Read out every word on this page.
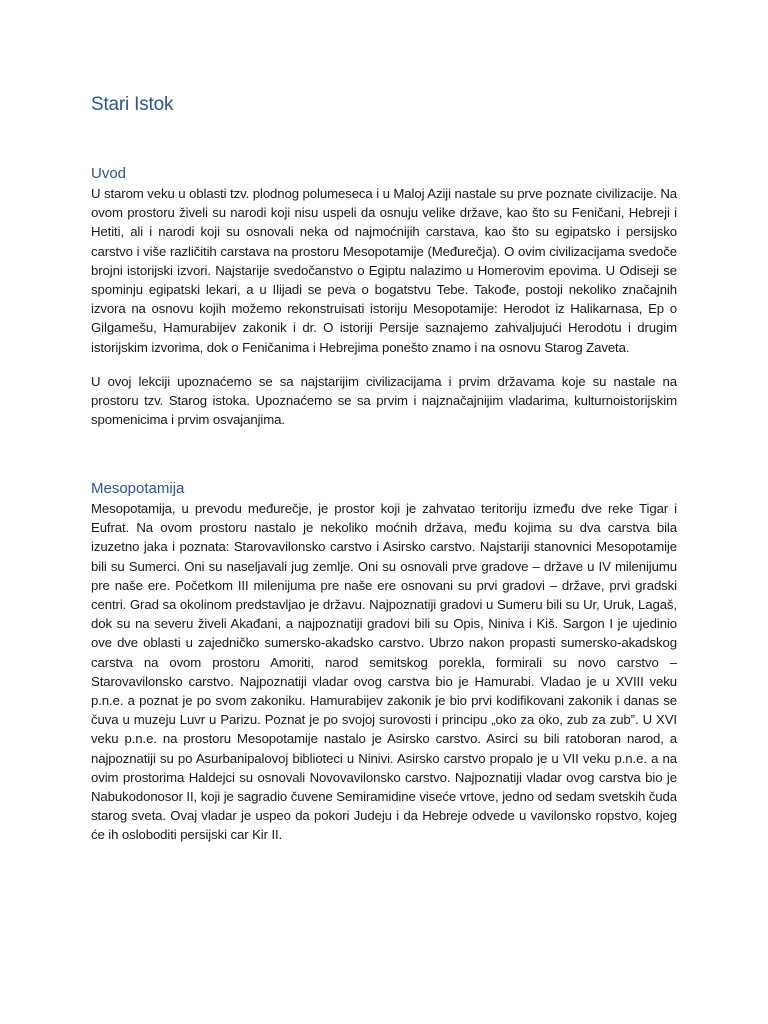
Stari Istok
Uvod

U starom veku u oblasti tzv. plodnog polumeseca i u Maloj Aziji nastale su prve poznate civilizacije. Na ovom prostoru živeli su narodi koji nisu uspeli da osnuju velike države, kao što su Feničani, Hebreji i Hetiti, ali i narodi koji su osnovali neka od najmoćnijih carstava, kao što su egipatsko i persijsko carstvo i više različitih carstava na prostoru Mesopotamije (Međurečja). O ovim civilizacijama svedoče brojni istorijski izvori. Najstarije svedočanstvo o Egiptu nalazimo u Homerovim epovima. U Odiseji se spominju egipatski lekari, a u Ilijadi se peva o bogatstvu Tebe. Takođe, postoji nekoliko značajnih izvora na osnovu kojih možemo rekonstruisati istoriju Mesopotamije: Herodot iz Halikarnasa, Ep o Gilgamešu, Hamurabijev zakonik i dr. O istoriji Persije saznajemo zahvaljujući Herodotu i drugim istorijskim izvorima, dok o Feničanima i Hebrejima ponešto znamo i na osnovu Starog Zaveta.

U ovoj lekciji upoznaćemo se sa najstarijim civilizacijama i prvim državama koje su nastale na prostoru tzv. Starog istoka. Upoznaćemo se sa prvim i najznačajnijim vladarima, kulturnoistorijskim spomenicima i prvim osvajanjima.

Mesopotamija

Mesopotamija, u prevodu međurečje, je prostor koji je zahvatao teritoriju između dve reke Tigar i Eufrat. Na ovom prostoru nastalo je nekoliko moćnih država, među kojima su dva carstva bila izuzetno jaka i poznata: Starovavilonsko carstvo i Asirsko carstvo. Najstariji stanovnici Mesopotamije bili su Sumerci. Oni su naseljavali jug zemlje. Oni su osnovali prve gradove – države u IV milenijumu pre naše ere. Početkom III milenijuma pre naše ere osnovani su prvi gradovi – države, prvi gradski centri. Grad sa okolinom predstavljao je državu. Najpoznatiji gradovi u Sumeru bili su Ur, Uruk, Lagaš, dok su na severu živeli Akađani, a najpoznatiji gradovi bili su Opis, Niniva i Kiš. Sargon I je ujedinio ove dve oblasti u zajedničko sumersko-akadsko carstvo. Ubrzo nakon propasti sumersko-akadskog carstva na ovom prostoru Amoriti, narod semitskog porekla, formirali su novo carstvo – Starovavilonsko carstvo. Najpoznatiji vladar ovog carstva bio je Hamurabi. Vladao je u XVIII veku p.n.e. a poznat je po svom zakoniku. Hamurabijev zakonik je bio prvi kodifikovani zakonik i danas se čuva u muzeju Luvr u Parizu. Poznat je po svojoj surovosti i principu „oko za oko, zub za zub”. U XVI veku p.n.e. na prostoru Mesopotamije nastalo je Asirsko carstvo. Asirci su bili ratoboran narod, a najpoznatiji su po Asurbanipalovoj biblioteci u Ninivi. Asirsko carstvo propalo je u VII veku p.n.e. a na ovim prostorima Haldejci su osnovali Novovavilonsko carstvo. Najpoznatiji vladar ovog carstva bio je Nabukodonosor II, koji je sagradio čuvene Semiramidine viseće vrtove, jedno od sedam svetskih čuda starog sveta. Ovaj vladar je uspeo da pokori Judeju i da Hebreje odvede u vavilonsko ropstvo, kojeg će ih osloboditi persijski car Kir II.
